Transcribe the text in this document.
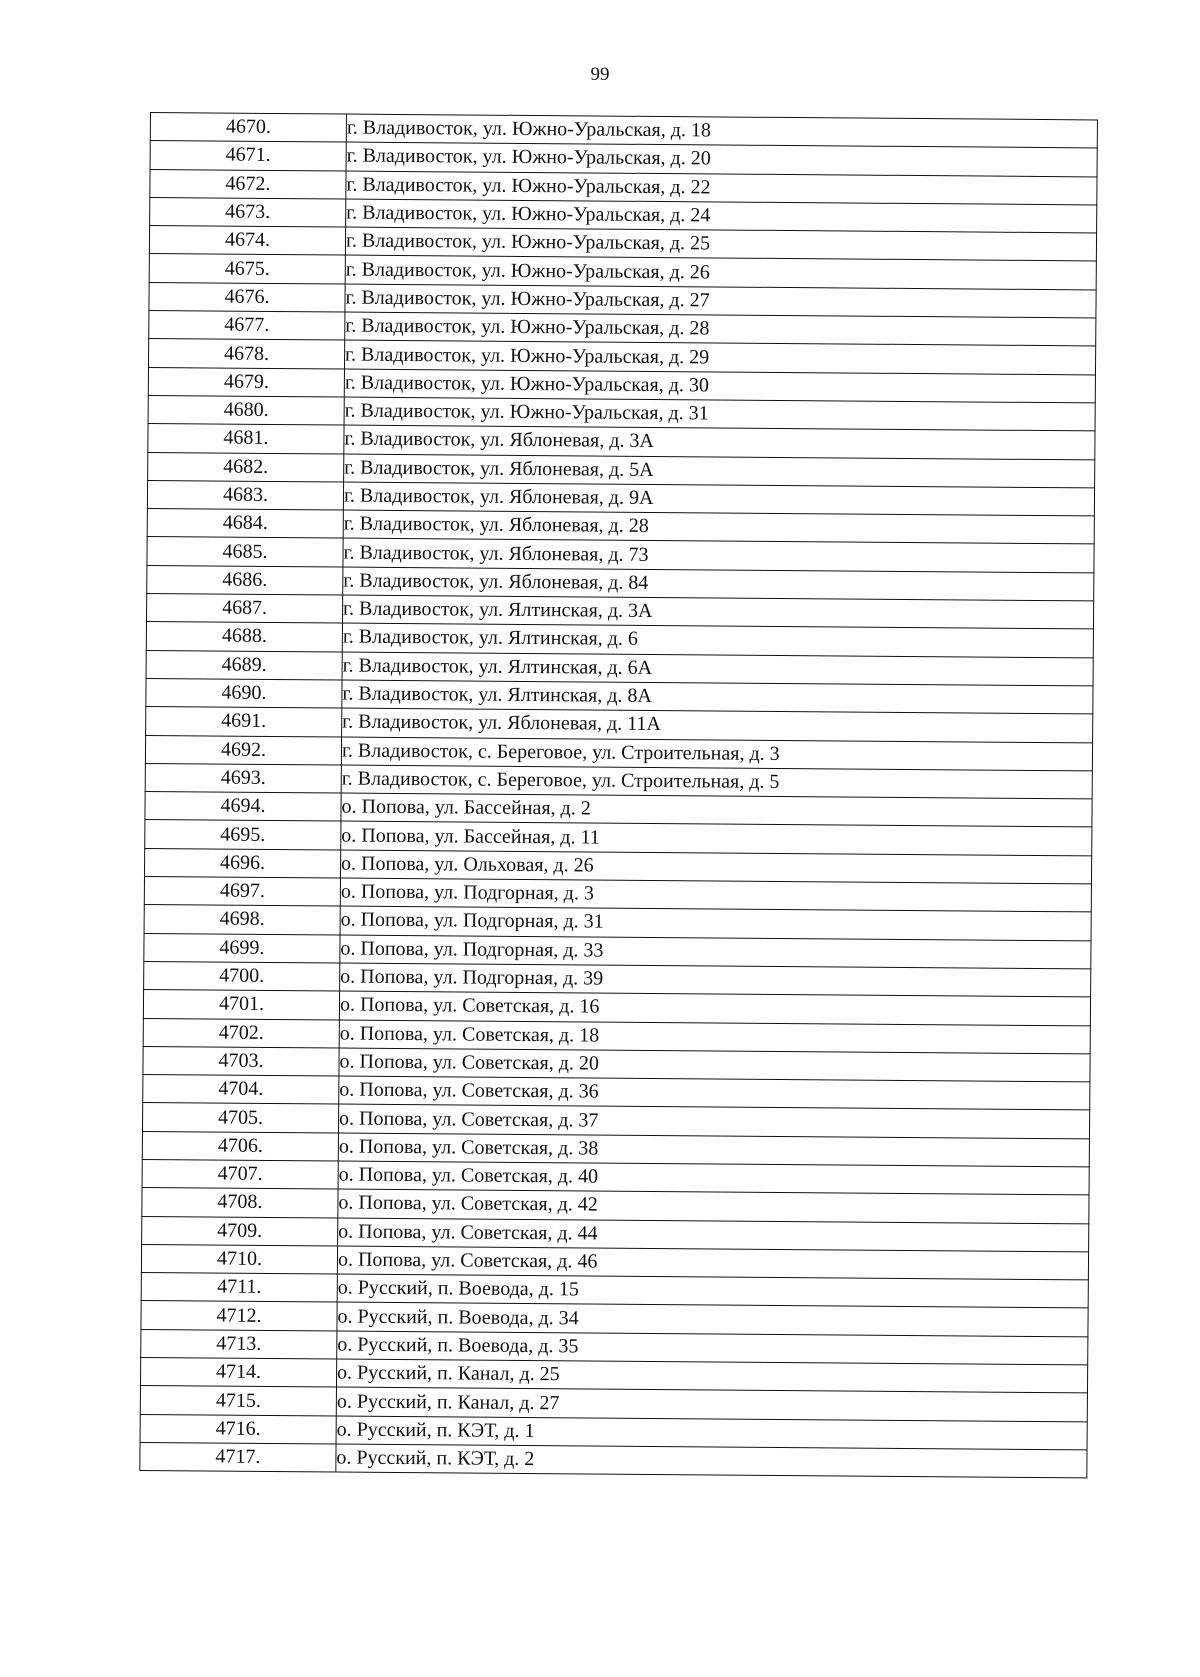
99
4670.	г. Владивосток, ул. Южно-Уральская, д. 18
4671.	г. Владивосток, ул. Южно-Уральская, д. 20
4672.	г. Владивосток, ул. Южно-Уральская, д. 22
4673.	г. Владивосток, ул. Южно-Уральская, д. 24
4674.	г. Владивосток, ул. Южно-Уральская, д. 25
4675.	г. Владивосток, ул. Южно-Уральская, д. 26
4676.	г. Владивосток, ул. Южно-Уральская, д. 27
4677.	г. Владивосток, ул. Южно-Уральская, д. 28
4678.	г. Владивосток, ул. Южно-Уральская, д. 29
4679.	г. Владивосток, ул. Южно-Уральская, д. 30
4680.	г. Владивосток, ул. Южно-Уральская, д. 31
4681.	г. Владивосток, ул. Яблоневая, д. 3А
4682.	г. Владивосток, ул. Яблоневая, д. 5А
4683.	г. Владивосток, ул. Яблоневая, д. 9А
4684.	г. Владивосток, ул. Яблоневая, д. 28
4685.	г. Владивосток, ул. Яблоневая, д. 73
4686.	г. Владивосток, ул. Яблоневая, д. 84
4687.	г. Владивосток, ул. Ялтинская, д. 3А
4688.	г. Владивосток, ул. Ялтинская, д. 6
4689.	г. Владивосток, ул. Ялтинская, д. 6А
4690.	г. Владивосток, ул. Ялтинская, д. 8А
4691.	г. Владивосток, ул. Яблоневая, д. 11А
4692.	г. Владивосток, с. Береговое, ул. Строительная, д. 3
4693.	г. Владивосток, с. Береговое, ул. Строительная, д. 5
4694.	о. Попова, ул. Бассейная, д. 2
4695.	о. Попова, ул. Бассейная, д. 11
4696.	о. Попова, ул. Ольховая, д. 26
4697.	о. Попова, ул. Подгорная, д. 3
4698.	о. Попова, ул. Подгорная, д. 31
4699.	о. Попова, ул. Подгорная, д. 33
4700.	о. Попова, ул. Подгорная, д. 39
4701.	о. Попова, ул. Советская, д. 16
4702.	о. Попова, ул. Советская, д. 18
4703.	о. Попова, ул. Советская, д. 20
4704.	о. Попова, ул. Советская, д. 36
4705.	о. Попова, ул. Советская, д. 37
4706.	о. Попова, ул. Советская, д. 38
4707.	о. Попова, ул. Советская, д. 40
4708.	о. Попова, ул. Советская, д. 42
4709.	о. Попова, ул. Советская, д. 44
4710.	о. Попова, ул. Советская, д. 46
4711.	о. Русский, п. Воевода, д. 15
4712.	о. Русский, п. Воевода, д. 34
4713.	о. Русский, п. Воевода, д. 35
4714.	о. Русский, п. Канал, д. 25
4715.	о. Русский, п. Канал, д. 27
4716.	о. Русский, п. КЭТ, д. 1
4717.	о. Русский, п. КЭТ, д. 2
